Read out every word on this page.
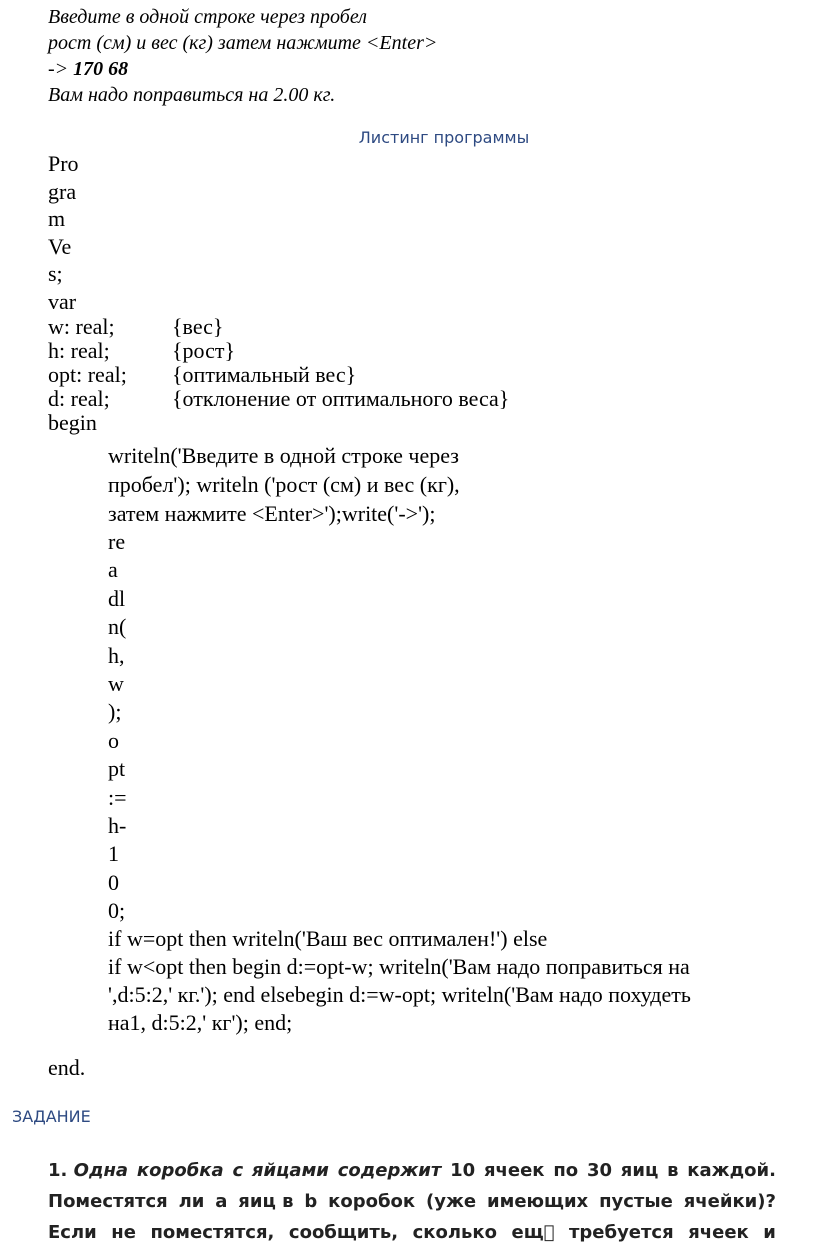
Введите в одной строке через пробел
рост (см) и вес (кг) затем нажмите <Enter>
-> 170 68
Вам надо поправиться на 2.00 кг.
Листинг программы
Pro
gra
m
Ve
s;
var
w: real;	{вес}
h: real;	{рост}
opt: real; {оптимальный вес}
d: real;	{отклонение от оптимального веса}
begin
writeln('Введите в одной строке через
пробел'); writeln ('рост (см) и вес (кг),
затем нажмите <Enter>');write('->');
re
a
dl
n(
h,
w
);
o
pt
:=
h-
1
0
0;
if w=opt then writeln('Ваш вес оптимален!') else
if w<opt then begin d:=opt-w; writeln('Вам надо поправиться на
',d:5:2,' кг.'); end elsebegin d:=w-opt; writeln('Вам надо похудеть
на1, d:5:2,' кг'); end;
end.
ЗАДАНИЕ
1. Одна коробка с яйцами содержит 10 ячеек по 30 яиц в каждой.
Поместятся ли а яиц в b коробок (уже имеющих пустые ячейки)?
Если не поместятся, сообщить, сколько ещ  требуется ячеек и
